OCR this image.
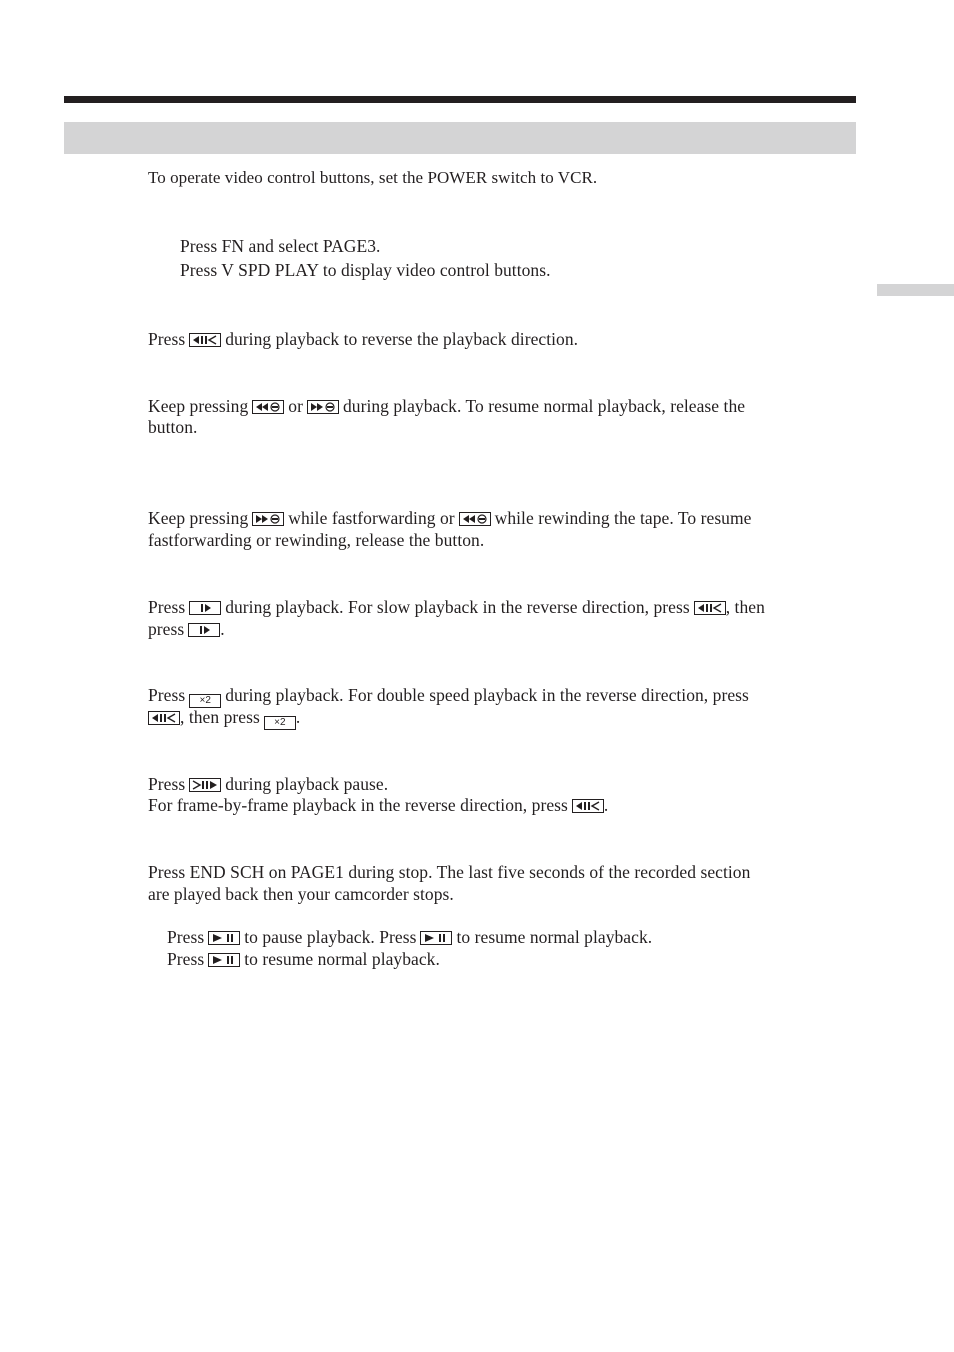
To operate video control buttons, set the POWER switch to VCR.
Press FN and select PAGE3.
Press V SPD PLAY to display video control buttons.
Press during playback to reverse the playback direction.
Keep pressing or during playback. To resume normal playback, release the
button.
Keep pressing while fastforwarding or while rewinding the tape. To resume
fastforwarding or rewinding, release the button.
Press during playback. For slow playback in the reverse direction, press , then
press .
Press ×2 during playback. For double speed playback in the reverse direction, press
, then press ×2 .
Press during playback pause.
For frame-by-frame playback in the reverse direction, press .
Press END SCH on PAGE1 during stop. The last five seconds of the recorded section
are played back then your camcorder stops.
Press to pause playback. Press to resume normal playback.
Press to resume normal playback.
